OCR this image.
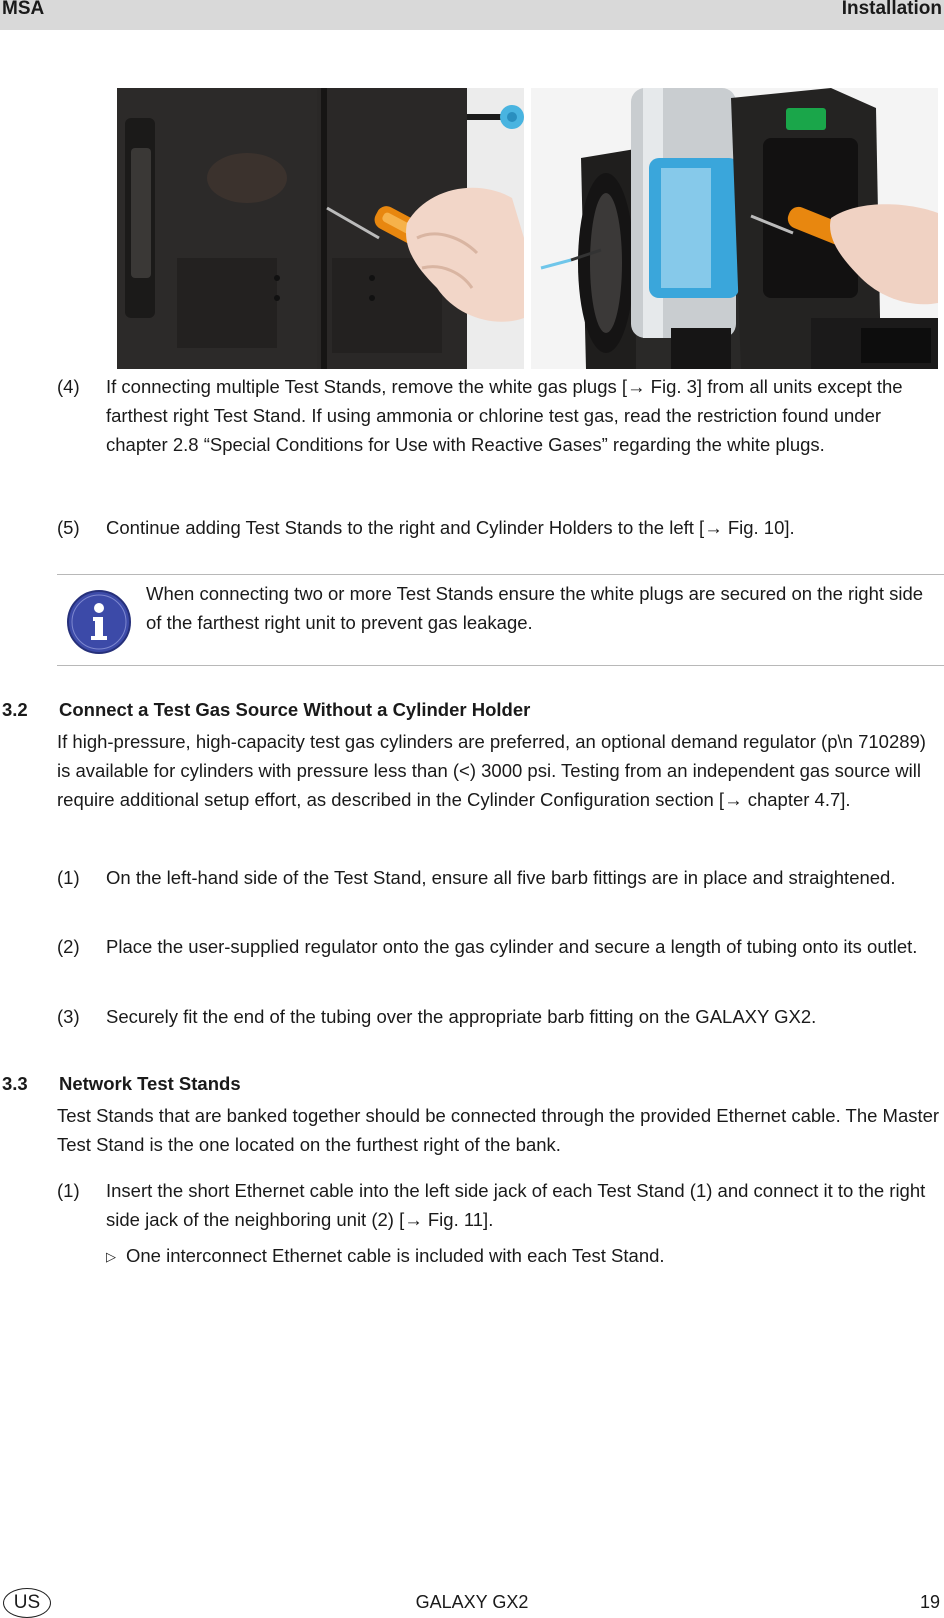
MSA	Installation
(4) If connecting multiple Test Stands, remove the white gas plugs [→ Fig. 3] from all units except the farthest right Test Stand. If using ammonia or chlorine test gas, read the restriction found under chapter 2.8 “Special Conditions for Use with Reactive Gases” regarding the white plugs.
(5) Continue adding Test Stands to the right and Cylinder Holders to the left [→ Fig. 10].
When connecting two or more Test Stands ensure the white plugs are secured on the right side of the farthest right unit to prevent gas leakage.
3.2 Connect a Test Gas Source Without a Cylinder Holder
If high-pressure, high-capacity test gas cylinders are preferred, an optional demand regulator (p\n 710289) is available for cylinders with pressure less than (<) 3000 psi. Testing from an independent gas source will require additional setup effort, as described in the Cylinder Configuration section [→ chapter 4.7].
(1) On the left-hand side of the Test Stand, ensure all five barb fittings are in place and straightened.
(2) Place the user-supplied regulator onto the gas cylinder and secure a length of tubing onto its outlet.
(3) Securely fit the end of the tubing over the appropriate barb fitting on the GALAXY GX2.
3.3 Network Test Stands
Test Stands that are banked together should be connected through the provided Ethernet cable. The Master Test Stand is the one located on the furthest right of the bank.
(1) Insert the short Ethernet cable into the left side jack of each Test Stand (1) and connect it to the right side jack of the neighboring unit (2) [→ Fig. 11].
▷ One interconnect Ethernet cable is included with each Test Stand.
US	GALAXY GX2	19
